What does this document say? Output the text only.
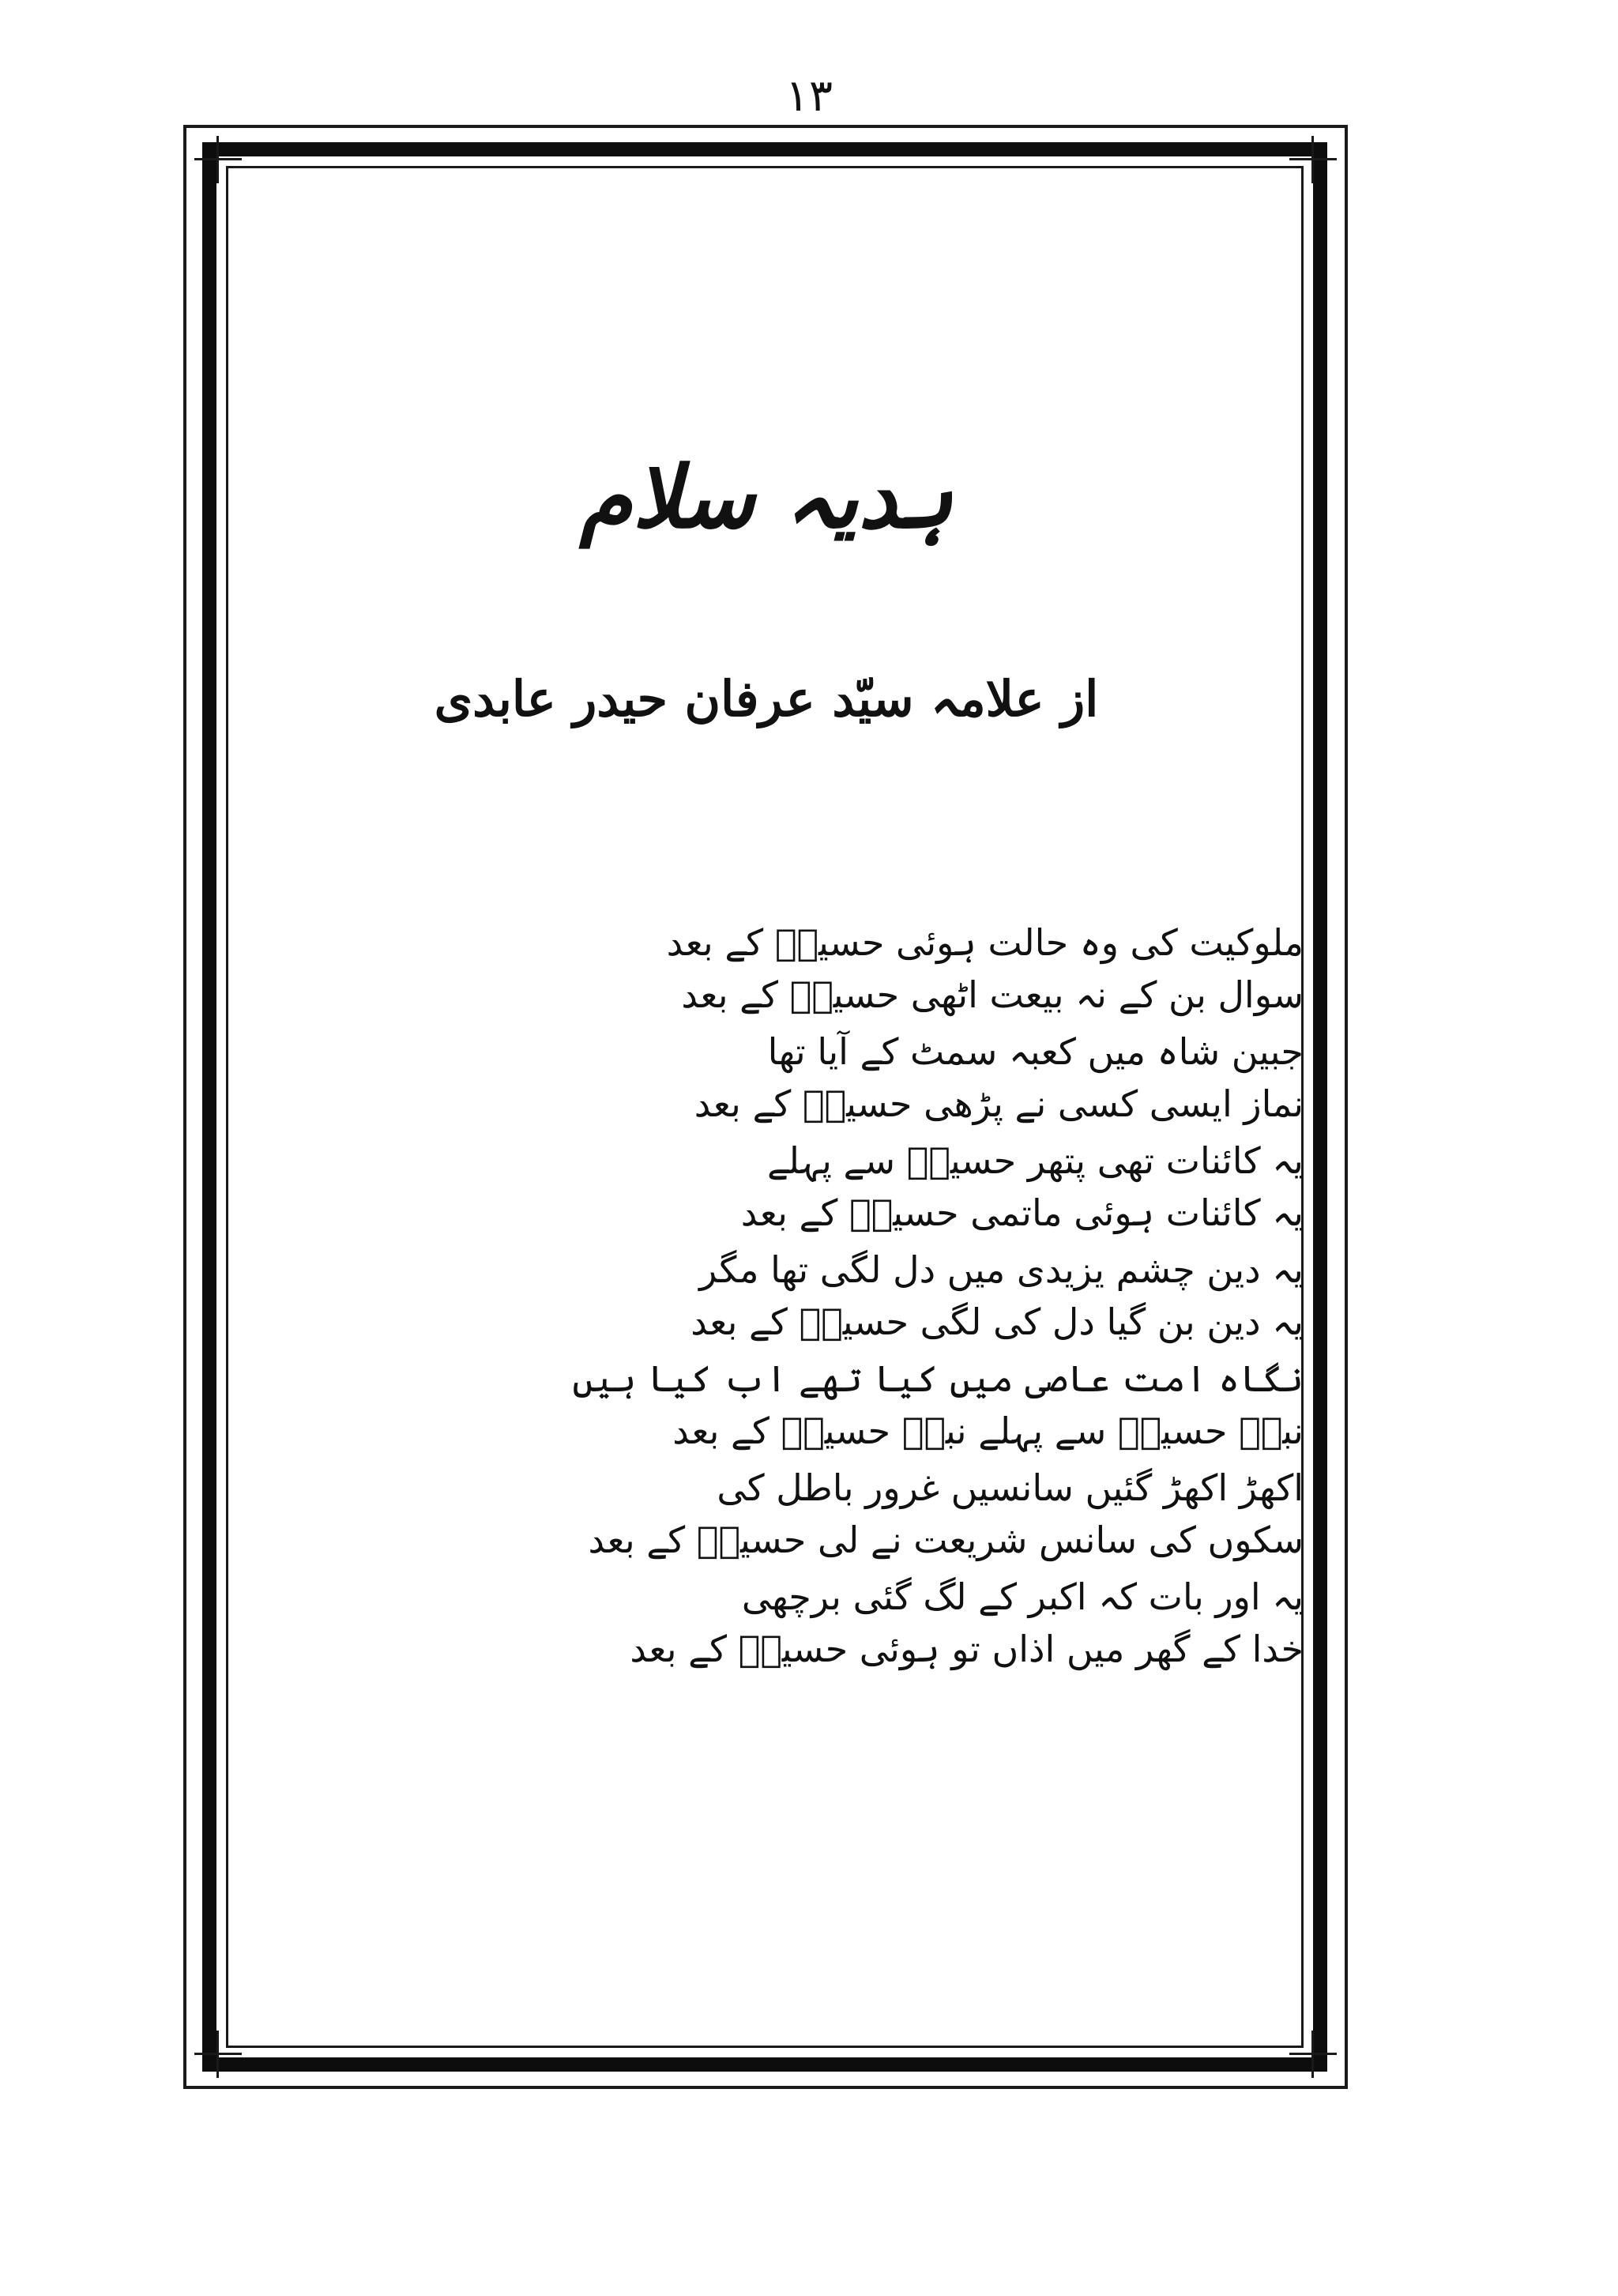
۱۳
ہدیہ سلام
از علامہ سیّد عرفان حیدر عابدی
ملوکیت کی وہ حالت ہوئی حسینؑ کے بعد
سوال بن کے نہ بیعت اٹھی حسینؑ کے بعد
جبین شاہ میں کعبہ سمٹ کے آیا تھا
نماز ایسی کسی نے پڑھی حسینؑ کے بعد
یہ کائنات تھی پتھر حسینؑ سے پہلے
یہ کائنات ہوئی ماتمی حسینؑ کے بعد
یہ دین چشم یزیدی میں دل لگی تھا مگر
یہ دین بن گیا دل کی لگی حسینؑ کے بعد
نگاہ امت عاصی میں کیا تھے اب کیا ہیں
نبیؐ حسینؑ سے پہلے نبیؐ حسینؑ کے بعد
اکھڑ اکھڑ گئیں سانسیں غرور باطل کی
سکوں کی سانس شریعت نے لی حسینؑ کے بعد
یہ اور بات کہ اکبر کے لگ گئی برچھی
خدا کے گھر میں اذاں تو ہوئی حسینؑ کے بعد
